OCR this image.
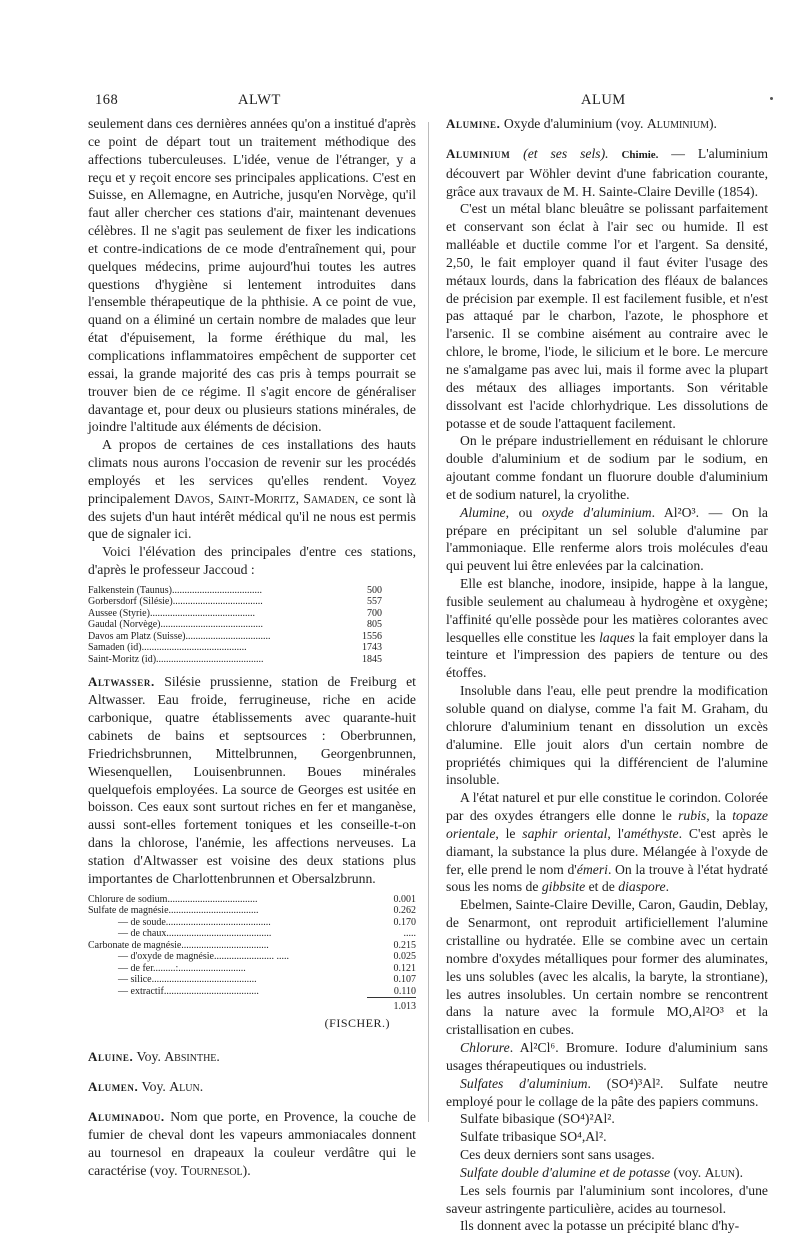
168	ALWT	ALUM

seulement dans ces dernières années qu'on a institué d'après ce point de départ tout un traitement méthodique des affections tuberculeuses. L'idée, venue de l'étranger, y a reçu et y reçoit encore ses principales applications. C'est en Suisse, en Allemagne, en Autriche, jusqu'en Norvège, qu'il faut aller chercher ces stations d'air, maintenant devenues célèbres. Il ne s'agit pas seulement de fixer les indications et contre-indications de ce mode d'entraînement qui, pour quelques médecins, prime aujourd'hui toutes les autres questions d'hygiène si lentement introduites dans l'ensemble thérapeutique de la phthisie. A ce point de vue, quand on a éliminé un certain nombre de malades que leur état d'épuisement, la forme éréthique du mal, les complications inflammatoires empêchent de supporter cet essai, la grande majorité des cas pris à temps pourrait se trouver bien de ce régime. Il s'agit encore de généraliser davantage et, pour deux ou plusieurs stations minérales, de joindre l'altitude aux éléments de décision.

A propos de certaines de ces installations des hauts climats nous aurons l'occasion de revenir sur les procédés employés et les services qu'elles rendent. Voyez principalement Davos, Saint-Moritz, Samaden, ce sont là des sujets d'un haut intérêt médical qu'il ne nous est permis que de signaler ici.

Voici l'élévation des principales d'entre ces stations, d'après le professeur Jaccoud :

Falkenstein (Taunus)....................................	500
Gorbersdorf (Silésie)....................................	557
Aussee (Styrie)..........................................	700
Gaudal (Norvège).........................................	805
Davos am Platz (Suisse)..................................	1556
Samaden (id)..........................................	1743
Saint-Moritz (id)...........................................	1845

Altwasser. Silésie prussienne, station de Freiburg et Altwasser. Eau froide, ferrugineuse, riche en acide carbonique, quatre établissements avec quarante-huit cabinets de bains et septsources : Oberbrunnen, Friedrichsbrunnen, Mittelbrunnen, Georgenbrunnen, Wiesenquellen, Louisenbrunnen. Boues minérales quelquefois employées. La source de Georges est usitée en boisson. Ces eaux sont surtout riches en fer et manganèse, aussi sont-elles fortement toniques et les conseille-t-on dans la chlorose, l'anémie, les affections nerveuses. La station d'Altwasser est voisine des deux stations plus importantes de Charlottenbrunnen et Obersalzbrunn.

Chlorure de sodium....................................	0.001
Sulfate de magnésie....................................	0.262
— de soude..........................................	0.170
— de chaux..........................................	.....
Carbonate de magnésie...................................	0.215
— d'oxyde de magnésie........................ .....	0.025
— de fer.........:...........................	0.121
— silice..........................................	0.107
— extractif......................................	0.110
	1.013
(FISCHER.)

Aluine. Voy. Absinthe.

Alumen. Voy. Alun.

Aluminadou. Nom que porte, en Provence, la couche de fumier de cheval dont les vapeurs ammoniacales donnent au tournesol en drapeaux la couleur verdâtre qui le caractérise (voy. Tournesol).

Alumine. Oxyde d'aluminium (voy. Aluminium).

Aluminium (et ses sels). Chimie. — L'aluminium découvert par Wöhler devint d'une fabrication courante, grâce aux travaux de M. H. Sainte-Claire Deville (1854).

C'est un métal blanc bleuâtre se polissant parfaitement et conservant son éclat à l'air sec ou humide. Il est malléable et ductile comme l'or et l'argent. Sa densité, 2,50, le fait employer quand il faut éviter l'usage des métaux lourds, dans la fabrication des fléaux de balances de précision par exemple. Il est facilement fusible, et n'est pas attaqué par le charbon, l'azote, le phosphore et l'arsenic. Il se combine aisément au contraire avec le chlore, le brome, l'iode, le silicium et le bore. Le mercure ne s'amalgame pas avec lui, mais il forme avec la plupart des métaux des alliages importants. Son véritable dissolvant est l'acide chlorhydrique. Les dissolutions de potasse et de soude l'attaquent facilement.

On le prépare industriellement en réduisant le chlorure double d'aluminium et de sodium par le sodium, en ajoutant comme fondant un fluorure double d'aluminium et de sodium naturel, la cryolithe.

Alumine, ou oxyde d'aluminium. Al²O³. — On la prépare en précipitant un sel soluble d'alumine par l'ammoniaque. Elle renferme alors trois molécules d'eau qui peuvent lui être enlevées par la calcination.

Elle est blanche, inodore, insipide, happe à la langue, fusible seulement au chalumeau à hydrogène et oxygène; l'affinité qu'elle possède pour les matières colorantes avec lesquelles elle constitue les laques la fait employer dans la teinture et l'impression des papiers de tenture ou des étoffes.

Insoluble dans l'eau, elle peut prendre la modification soluble quand on dialyse, comme l'a fait M. Graham, du chlorure d'aluminium tenant en dissolution un excès d'alumine. Elle jouit alors d'un certain nombre de propriétés chimiques qui la différencient de l'alumine insoluble.

A l'état naturel et pur elle constitue le corindon. Colorée par des oxydes étrangers elle donne le rubis, la topaze orientale, le saphir oriental, l'améthyste. C'est après le diamant, la substance la plus dure. Mélangée à l'oxyde de fer, elle prend le nom d'émeri. On la trouve à l'état hydraté sous les noms de gibbsite et de diaspore.

Ebelmen, Sainte-Claire Deville, Caron, Gaudin, Deblay, de Senarmont, ont reproduit artificiellement l'alumine cristalline ou hydratée. Elle se combine avec un certain nombre d'oxydes métalliques pour former des aluminates, les uns solubles (avec les alcalis, la baryte, la strontiane), les autres insolubles. Un certain nombre se rencontrent dans la nature avec la formule MO,Al²O³ et la cristallisation en cubes.

Chlorure. Al²Cl⁶. Bromure. Iodure d'aluminium sans usages thérapeutiques ou industriels.

Sulfates d'aluminium. (SO⁴)³Al². Sulfate neutre employé pour le collage de la pâte des papiers communs.

Sulfate bibasique (SO⁴)²Al².

Sulfate tribasique SO⁴,Al².

Ces deux derniers sont sans usages.

Sulfate double d'alumine et de potasse (voy. Alun).

Les sels fournis par l'aluminium sont incolores, d'une saveur astringente particulière, acides au tournesol.

Ils donnent avec la potasse un précipité blanc d'hy-
